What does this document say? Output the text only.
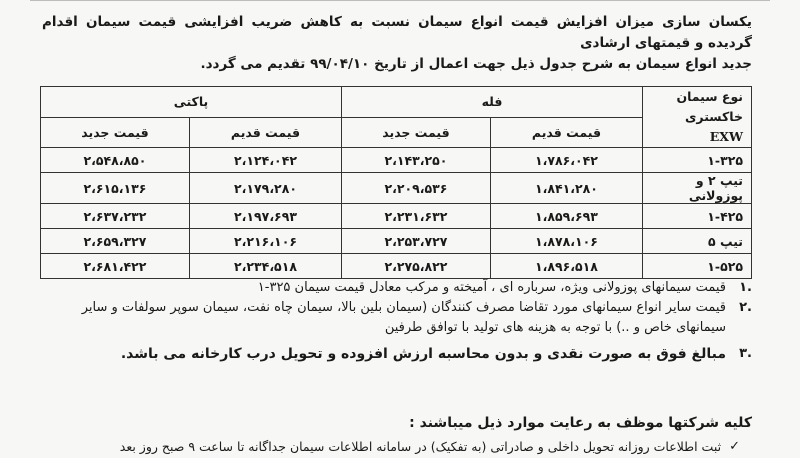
یکسان سازی میزان افزایش قیمت انواع سیمان نسبت به کاهش ضریب افزایشی قیمت سیمان اقدام گردیده و قیمتهای ارشادی

جدید انواع سیمان به شرح جدول ذیل جهت اعمال از تاریخ ۹۹/۰۴/۱۰ تقدیم می گردد.

نوع سیمان خاکستری
EXW	فله		پاکتی	
	قیمت قدیم	قیمت جدید	قیمت قدیم	قیمت جدید
۱-۳۲۵	۱،۷۸۶،۰۴۲	۲،۱۴۳،۲۵۰	۲،۱۲۴،۰۴۲	۲،۵۴۸،۸۵۰
تیپ ۲ و پوزولانی	۱،۸۴۱،۲۸۰	۲،۲۰۹،۵۳۶	۲،۱۷۹،۲۸۰	۲،۶۱۵،۱۳۶
۱-۴۲۵	۱،۸۵۹،۶۹۳	۲،۲۳۱،۶۳۲	۲،۱۹۷،۶۹۳	۲،۶۳۷،۲۳۲
تیپ ۵	۱،۸۷۸،۱۰۶	۲،۲۵۳،۷۲۷	۲،۲۱۶،۱۰۶	۲،۶۵۹،۳۲۷
۱-۵۲۵	۱،۸۹۶،۵۱۸	۲،۲۷۵،۸۲۲	۲،۲۳۴،۵۱۸	۲،۶۸۱،۴۲۲
.۱
قیمت سیمانهای پوزولانی ویژه، سرباره ای ، آمیخته و مرکب معادل قیمت سیمان ۳۲۵-۱
.۲
قیمت سایر انواع سیمانهای مورد تقاضا مصرف کنندگان (سیمان بلین بالا، سیمان چاه نفت، سیمان سوپر سولفات و سایر سیمانهای خاص و ..) با توجه به هزینه های تولید با توافق طرفین
.۳
مبالغ فوق به صورت نقدی و بدون محاسبه ارزش افزوده و تحویل درب کارخانه می باشد.
کلیه شرکتها موظف به رعایت موارد ذیل میباشند :
✓
ثبت اطلاعات روزانه تحویل داخلی و صادراتی (به تفکیک) در سامانه اطلاعات سیمان جداگانه تا ساعت ۹ صبح روز بعد
